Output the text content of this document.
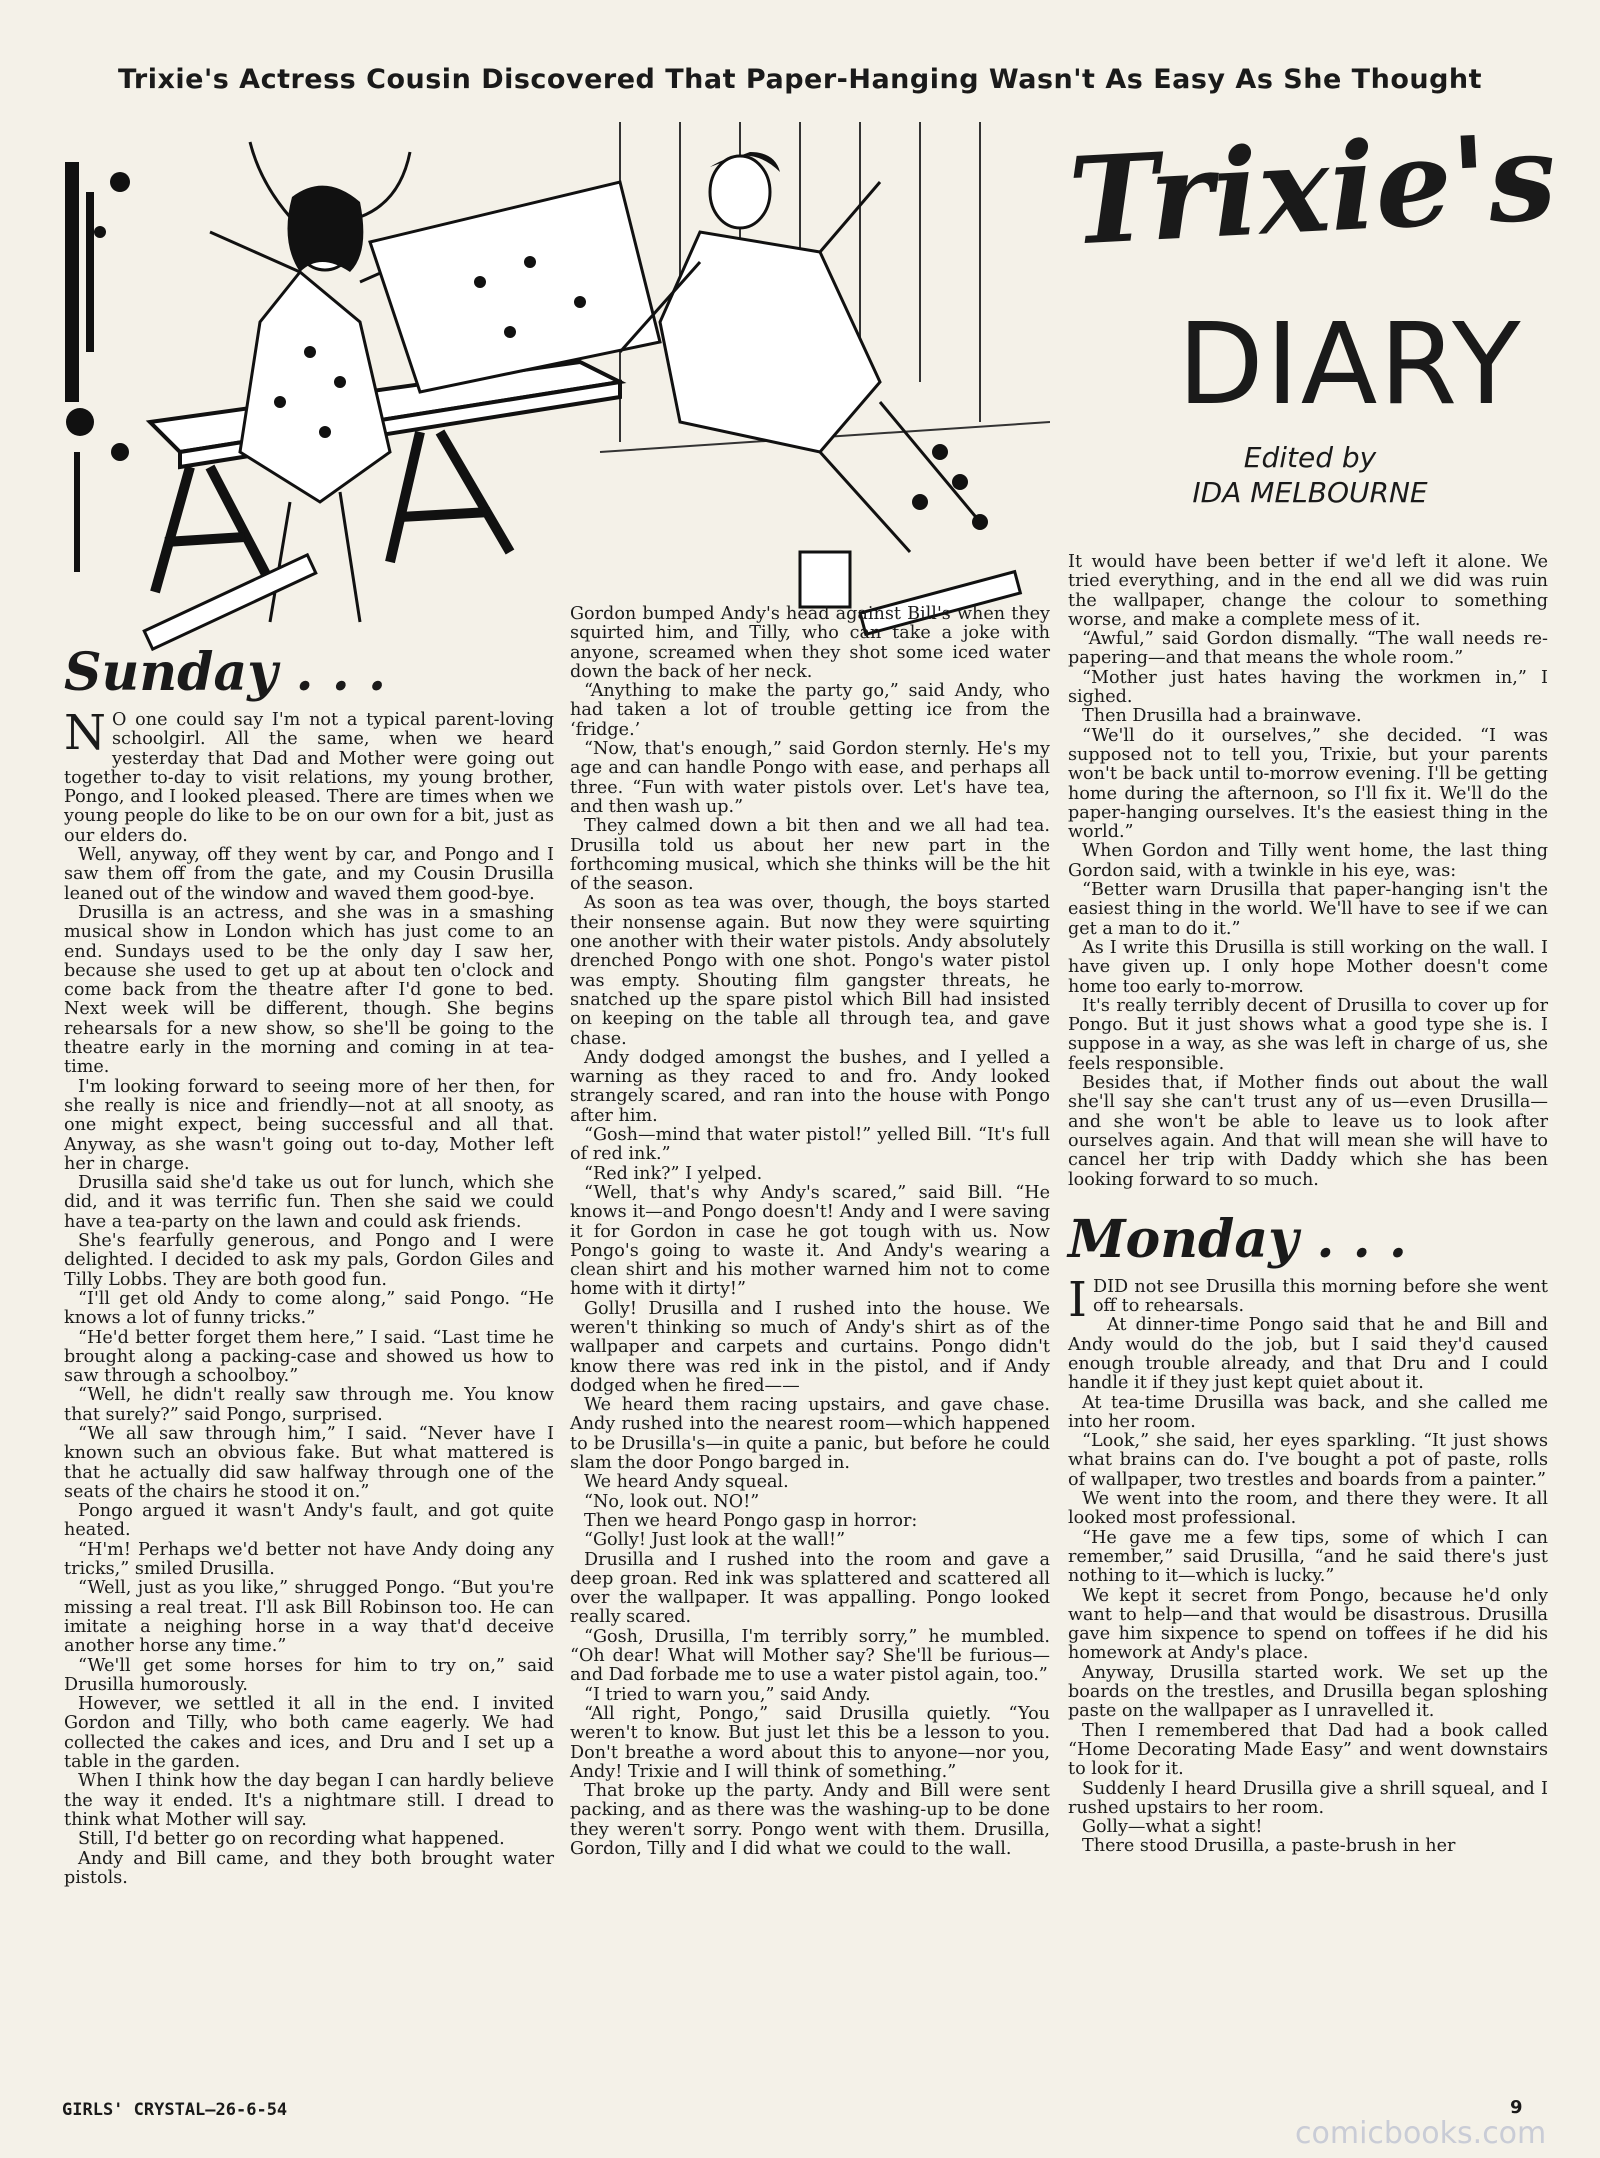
Trixie's Actress Cousin Discovered That Paper-Hanging Wasn't As Easy As She Thought
Trixie's
DIARY
Edited by
IDA MELBOURNE
Sunday . . .

N O one could say I'm not a typical parent-loving schoolgirl. All the same, when we heard yesterday that Dad and Mother were going out together to-day to visit relations, my young brother, Pongo, and I looked pleased. There are times when we young people do like to be on our own for a bit, just as our elders do.

Well, anyway, off they went by car, and Pongo and I saw them off from the gate, and my Cousin Drusilla leaned out of the window and waved them good-bye.

Drusilla is an actress, and she was in a smashing musical show in London which has just come to an end. Sundays used to be the only day I saw her, because she used to get up at about ten o'clock and come back from the theatre after I'd gone to bed. Next week will be different, though. She begins rehearsals for a new show, so she'll be going to the theatre early in the morning and coming in at tea-time.

I'm looking forward to seeing more of her then, for she really is nice and friendly—not at all snooty, as one might expect, being successful and all that. Anyway, as she wasn't going out to-day, Mother left her in charge.

Drusilla said she'd take us out for lunch, which she did, and it was terrific fun. Then she said we could have a tea-party on the lawn and could ask friends.

She's fearfully generous, and Pongo and I were delighted. I decided to ask my pals, Gordon Giles and Tilly Lobbs. They are both good fun.

“I'll get old Andy to come along,” said Pongo. “He knows a lot of funny tricks.”

“He'd better forget them here,” I said. “Last time he brought along a packing-case and showed us how to saw through a schoolboy.”

“Well, he didn't really saw through me. You know that surely?” said Pongo, surprised.

“We all saw through him,” I said. “Never have I known such an obvious fake. But what mattered is that he actually did saw halfway through one of the seats of the chairs he stood it on.”

Pongo argued it wasn't Andy's fault, and got quite heated.

“H'm! Perhaps we'd better not have Andy doing any tricks,” smiled Drusilla.

“Well, just as you like,” shrugged Pongo. “But you're missing a real treat. I'll ask Bill Robinson too. He can imitate a neighing horse in a way that'd deceive another horse any time.”

“We'll get some horses for him to try on,” said Drusilla humorously.

However, we settled it all in the end. I invited Gordon and Tilly, who both came eagerly. We had collected the cakes and ices, and Dru and I set up a table in the garden.

When I think how the day began I can hardly believe the way it ended. It's a nightmare still. I dread to think what Mother will say.

Still, I'd better go on recording what happened.

Andy and Bill came, and they both brought water pistols.

Gordon bumped Andy's head against Bill's when they squirted him, and Tilly, who can take a joke with anyone, screamed when they shot some iced water down the back of her neck.

“Anything to make the party go,” said Andy, who had taken a lot of trouble getting ice from the ‘fridge.’

“Now, that's enough,” said Gordon sternly. He's my age and can handle Pongo with ease, and perhaps all three. “Fun with water pistols over. Let's have tea, and then wash up.”

They calmed down a bit then and we all had tea. Drusilla told us about her new part in the forthcoming musical, which she thinks will be the hit of the season.

As soon as tea was over, though, the boys started their nonsense again. But now they were squirting one another with their water pistols. Andy absolutely drenched Pongo with one shot. Pongo's water pistol was empty. Shouting film gangster threats, he snatched up the spare pistol which Bill had insisted on keeping on the table all through tea, and gave chase.

Andy dodged amongst the bushes, and I yelled a warning as they raced to and fro. Andy looked strangely scared, and ran into the house with Pongo after him.

“Gosh—mind that water pistol!” yelled Bill. “It's full of red ink.”

“Red ink?” I yelped.

“Well, that's why Andy's scared,” said Bill. “He knows it—and Pongo doesn't! Andy and I were saving it for Gordon in case he got tough with us. Now Pongo's going to waste it. And Andy's wearing a clean shirt and his mother warned him not to come home with it dirty!”

Golly! Drusilla and I rushed into the house. We weren't thinking so much of Andy's shirt as of the wallpaper and carpets and curtains. Pongo didn't know there was red ink in the pistol, and if Andy dodged when he fired——

We heard them racing upstairs, and gave chase. Andy rushed into the nearest room—which happened to be Drusilla's—in quite a panic, but before he could slam the door Pongo barged in.

We heard Andy squeal.

“No, look out. NO!”

Then we heard Pongo gasp in horror:

“Golly! Just look at the wall!”

Drusilla and I rushed into the room and gave a deep groan. Red ink was splattered and scattered all over the wallpaper. It was appalling. Pongo looked really scared.

“Gosh, Drusilla, I'm terribly sorry,” he mumbled. “Oh dear! What will Mother say? She'll be furious—and Dad forbade me to use a water pistol again, too.”

“I tried to warn you,” said Andy.

“All right, Pongo,” said Drusilla quietly. “You weren't to know. But just let this be a lesson to you. Don't breathe a word about this to anyone—nor you, Andy! Trixie and I will think of something.”

That broke up the party. Andy and Bill were sent packing, and as there was the washing-up to be done they weren't sorry. Pongo went with them. Drusilla, Gordon, Tilly and I did what we could to the wall.

It would have been better if we'd left it alone. We tried everything, and in the end all we did was ruin the wallpaper, change the colour to something worse, and make a complete mess of it.

“Awful,” said Gordon dismally. “The wall needs re-papering—and that means the whole room.”

“Mother just hates having the workmen in,” I sighed.

Then Drusilla had a brainwave.

“We'll do it ourselves,” she decided. “I was supposed not to tell you, Trixie, but your parents won't be back until to-morrow evening. I'll be getting home during the afternoon, so I'll fix it. We'll do the paper-hanging ourselves. It's the easiest thing in the world.”

When Gordon and Tilly went home, the last thing Gordon said, with a twinkle in his eye, was:

“Better warn Drusilla that paper-hanging isn't the easiest thing in the world. We'll have to see if we can get a man to do it.”

As I write this Drusilla is still working on the wall. I have given up. I only hope Mother doesn't come home too early to-morrow.

It's really terribly decent of Drusilla to cover up for Pongo. But it just shows what a good type she is. I suppose in a way, as she was left in charge of us, she feels responsible.

Besides that, if Mother finds out about the wall she'll say she can't trust any of us—even Drusilla—and she won't be able to leave us to look after ourselves again. And that will mean she will have to cancel her trip with Daddy which she has been looking forward to so much.

Monday . . .

IDID not see Drusilla this morning before she went off to rehearsals.

At dinner-time Pongo said that he and Bill and Andy would do the job, but I said they'd caused enough trouble already, and that Dru and I could handle it if they just kept quiet about it.

At tea-time Drusilla was back, and she called me into her room.

“Look,” she said, her eyes sparkling. “It just shows what brains can do. I've bought a pot of paste, rolls of wallpaper, two trestles and boards from a painter.”

We went into the room, and there they were. It all looked most professional.

“He gave me a few tips, some of which I can remember,” said Drusilla, “and he said there's just nothing to it—which is lucky.”

We kept it secret from Pongo, because he'd only want to help—and that would be disastrous. Drusilla gave him sixpence to spend on toffees if he did his homework at Andy's place.

Anyway, Drusilla started work. We set up the boards on the trestles, and Drusilla began sploshing paste on the wallpaper as I unravelled it.

Then I remembered that Dad had a book called “Home Decorating Made Easy” and went downstairs to look for it.

Suddenly I heard Drusilla give a shrill squeal, and I rushed upstairs to her room.

Golly—what a sight!

There stood Drusilla, a paste-brush in her

GIRLS' CRYSTAL—26-6-54	9
comicbooks.com
